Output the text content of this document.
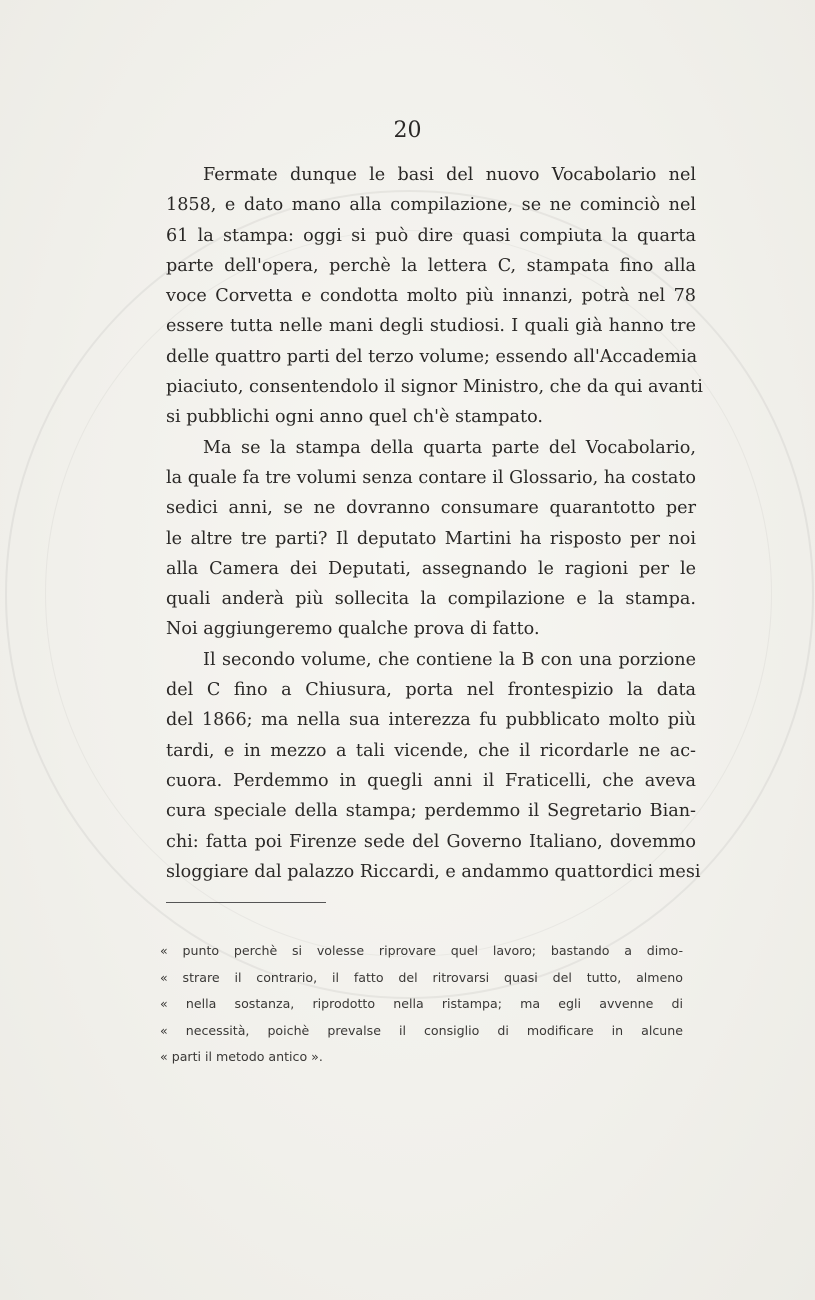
20
Fermate dunque le basi del nuovo Vocabolario nel
1858, e dato mano alla compilazione, se ne cominciò nel
61 la stampa: oggi si può dire quasi compiuta la quarta
parte dell'opera, perchè la lettera C, stampata fino alla
voce Corvetta e condotta molto più innanzi, potrà nel 78
essere tutta nelle mani degli studiosi. I quali già hanno tre
delle quattro parti del terzo volume; essendo all'Accademia
piaciuto, consentendolo il signor Ministro, che da qui avanti
si pubblichi ogni anno quel ch'è stampato.
Ma se la stampa della quarta parte del Vocabolario,
la quale fa tre volumi senza contare il Glossario, ha costato
sedici anni, se ne dovranno consumare quarantotto per
le altre tre parti? Il deputato Martini ha risposto per noi
alla Camera dei Deputati, assegnando le ragioni per le
quali anderà più sollecita la compilazione e la stampa.
Noi aggiungeremo qualche prova di fatto.
Il secondo volume, che contiene la B con una porzione
del C fino a Chiusura, porta nel frontespizio la data
del 1866; ma nella sua interezza fu pubblicato molto più
tardi, e in mezzo a tali vicende, che il ricordarle ne ac-
cuora. Perdemmo in quegli anni il Fraticelli, che aveva
cura speciale della stampa; perdemmo il Segretario Bian-
chi: fatta poi Firenze sede del Governo Italiano, dovemmo
sloggiare dal palazzo Riccardi, e andammo quattordici mesi
« punto perchè si volesse riprovare quel lavoro; bastando a dimo-
« strare il contrario, il fatto del ritrovarsi quasi del tutto, almeno
« nella sostanza, riprodotto nella ristampa; ma egli avvenne di
« necessità, poichè prevalse il consiglio di modificare in alcune
« parti il metodo antico ».
